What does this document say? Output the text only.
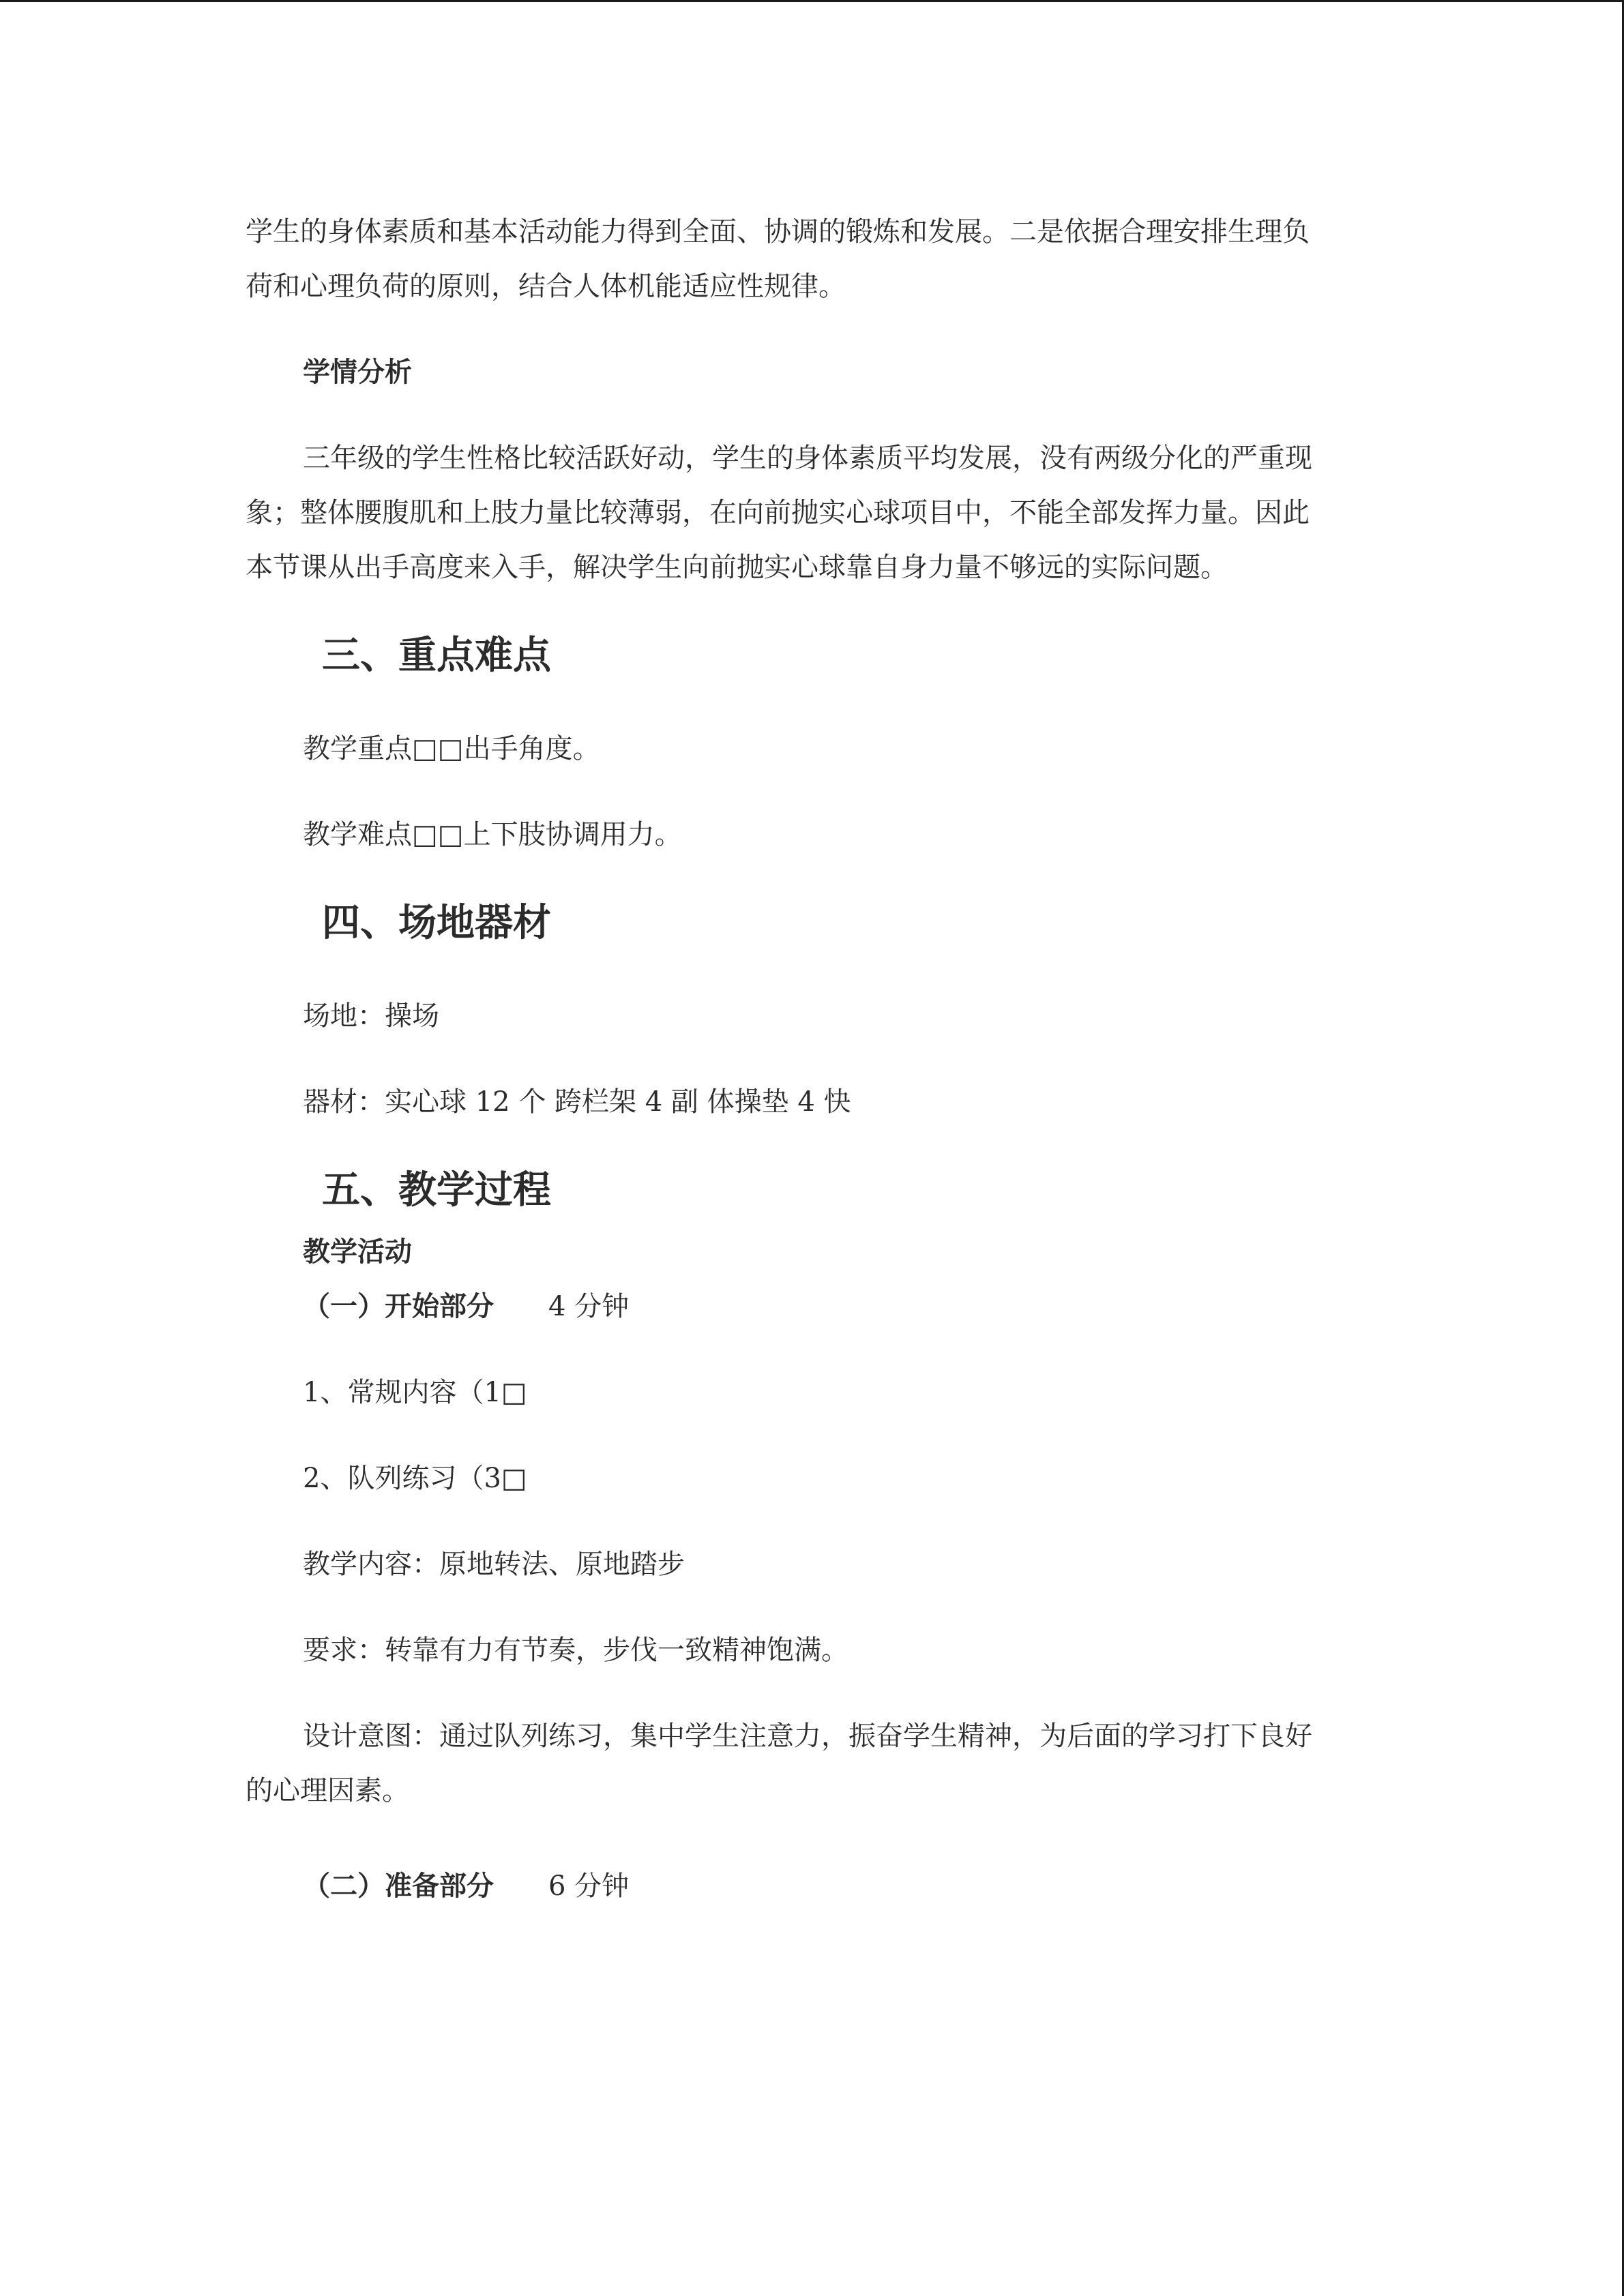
学生的身体素质和基本活动能力得到全面、协调的锻炼和发展。二是依据合理安排生理负

荷和心理负荷的原则，结合人体机能适应性规律。

学情分析

三年级的学生性格比较活跃好动，学生的身体素质平均发展，没有两级分化的严重现

象；整体腰腹肌和上肢力量比较薄弱，在向前抛实心球项目中，不能全部发挥力量。因此

本节课从出手高度来入手，解决学生向前抛实心球靠自身力量不够远的实际问题。

三、重点难点

教学重点□□出手角度。

教学难点□□上下肢协调用力。

四、场地器材

场地：操场

器材：实心球 12 个 跨栏架 4 副 体操垫 4 快

五、教学过程

教学活动

（一）开始部分 4 分钟

1、常规内容（1□

2、队列练习（3□

教学内容：原地转法、原地踏步

要求：转靠有力有节奏，步伐一致精神饱满。

设计意图：通过队列练习，集中学生注意力，振奋学生精神，为后面的学习打下良好

的心理因素。

（二）准备部分 6 分钟
